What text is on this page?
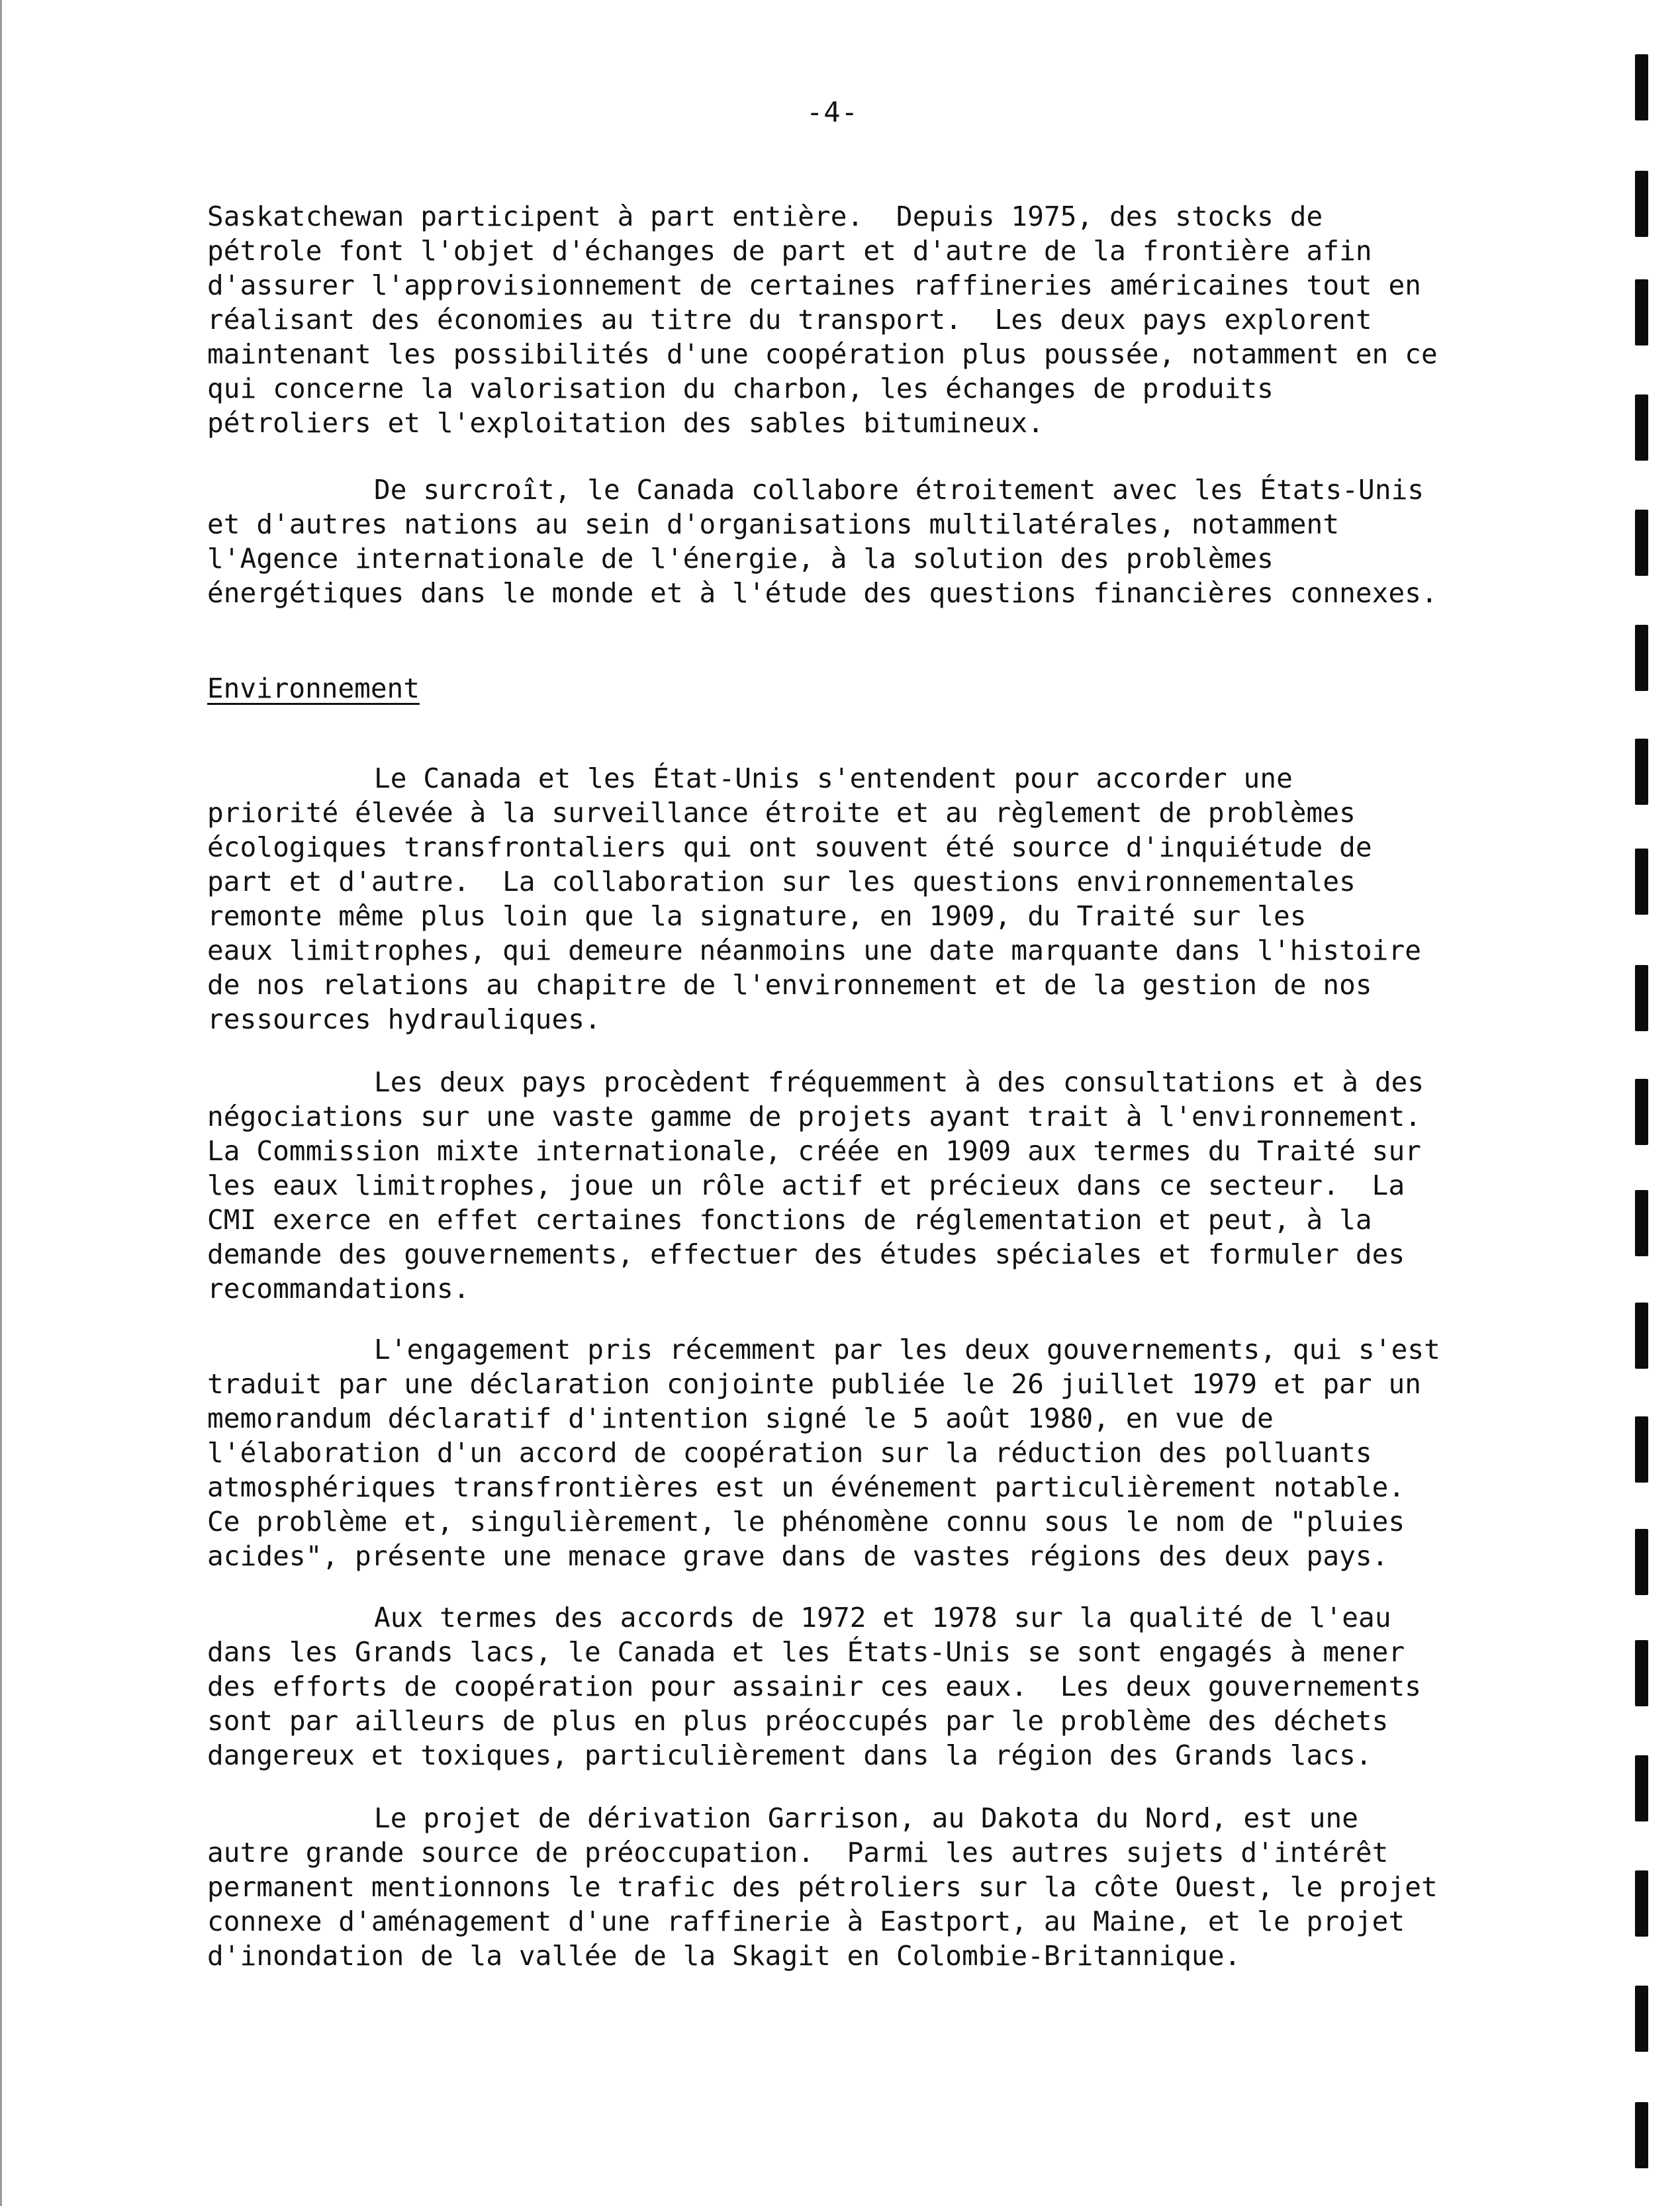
-4-
Saskatchewan participent à part entière.  Depuis 1975, des stocks de
pétrole font l'objet d'échanges de part et d'autre de la frontière afin
d'assurer l'approvisionnement de certaines raffineries américaines tout en
réalisant des économies au titre du transport.  Les deux pays explorent
maintenant les possibilités d'une coopération plus poussée, notamment en ce
qui concerne la valorisation du charbon, les échanges de produits
pétroliers et l'exploitation des sables bitumineux.
De surcroît, le Canada collabore étroitement avec les États-Unis
et d'autres nations au sein d'organisations multilatérales, notamment
l'Agence internationale de l'énergie, à la solution des problèmes
énergétiques dans le monde et à l'étude des questions financières connexes.
Environnement
Le Canada et les État-Unis s'entendent pour accorder une
priorité élevée à la surveillance étroite et au règlement de problèmes
écologiques transfrontaliers qui ont souvent été source d'inquiétude de
part et d'autre.  La collaboration sur les questions environnementales
remonte même plus loin que la signature, en 1909, du Traité sur les
eaux limitrophes, qui demeure néanmoins une date marquante dans l'histoire
de nos relations au chapitre de l'environnement et de la gestion de nos
ressources hydrauliques.
Les deux pays procèdent fréquemment à des consultations et à des
négociations sur une vaste gamme de projets ayant trait à l'environnement.
La Commission mixte internationale, créée en 1909 aux termes du Traité sur
les eaux limitrophes, joue un rôle actif et précieux dans ce secteur.  La
CMI exerce en effet certaines fonctions de réglementation et peut, à la
demande des gouvernements, effectuer des études spéciales et formuler des
recommandations.
L'engagement pris récemment par les deux gouvernements, qui s'est
traduit par une déclaration conjointe publiée le 26 juillet 1979 et par un
memorandum déclaratif d'intention signé le 5 août 1980, en vue de
l'élaboration d'un accord de coopération sur la réduction des polluants
atmosphériques transfrontières est un événement particulièrement notable.
Ce problème et, singulièrement, le phénomène connu sous le nom de "pluies
acides", présente une menace grave dans de vastes régions des deux pays.
Aux termes des accords de 1972 et 1978 sur la qualité de l'eau
dans les Grands lacs, le Canada et les États-Unis se sont engagés à mener
des efforts de coopération pour assainir ces eaux.  Les deux gouvernements
sont par ailleurs de plus en plus préoccupés par le problème des déchets
dangereux et toxiques, particulièrement dans la région des Grands lacs.
Le projet de dérivation Garrison, au Dakota du Nord, est une
autre grande source de préoccupation.  Parmi les autres sujets d'intérêt
permanent mentionnons le trafic des pétroliers sur la côte Ouest, le projet
connexe d'aménagement d'une raffinerie à Eastport, au Maine, et le projet
d'inondation de la vallée de la Skagit en Colombie-Britannique.
